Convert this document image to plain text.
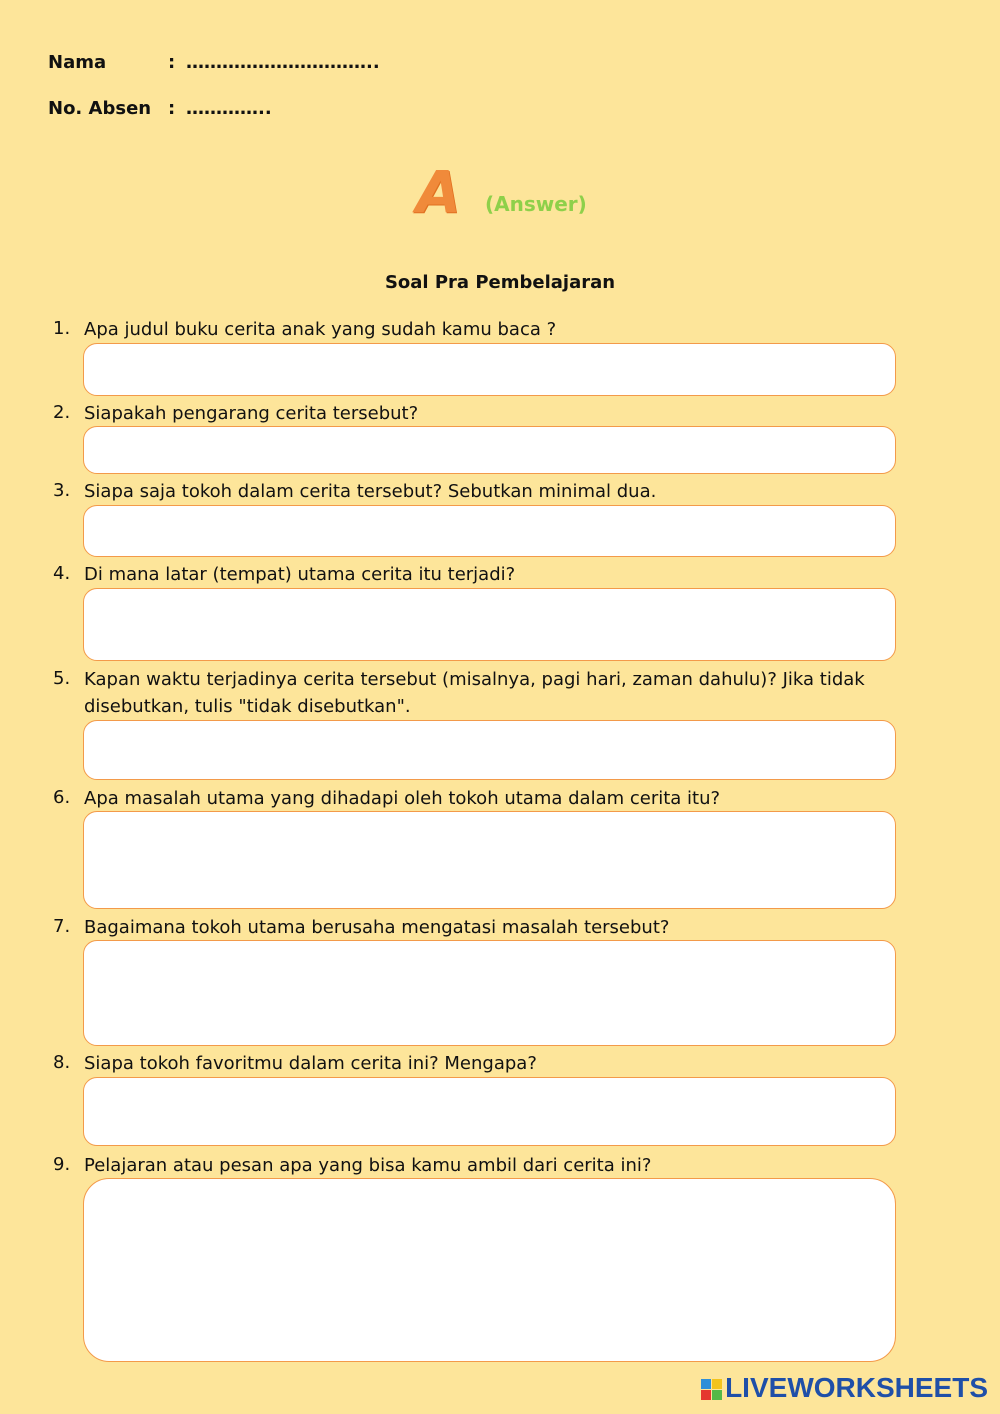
Nama	: …………………………..
No. Absen : …………..
A (Answer)
Soal Pra Pembelajaran
1. Apa judul buku cerita anak yang sudah kamu baca ?
2. Siapakah pengarang cerita tersebut?
3. Siapa saja tokoh dalam cerita tersebut? Sebutkan minimal dua.
4. Di mana latar (tempat) utama cerita itu terjadi?
5. Kapan waktu terjadinya cerita tersebut (misalnya, pagi hari, zaman dahulu)? Jika tidak disebutkan, tulis "tidak disebutkan".
6. Apa masalah utama yang dihadapi oleh tokoh utama dalam cerita itu?
7. Bagaimana tokoh utama berusaha mengatasi masalah tersebut?
8. Siapa tokoh favoritmu dalam cerita ini? Mengapa?
9. Pelajaran atau pesan apa yang bisa kamu ambil dari cerita ini?
LIVEWORKSHEETS
